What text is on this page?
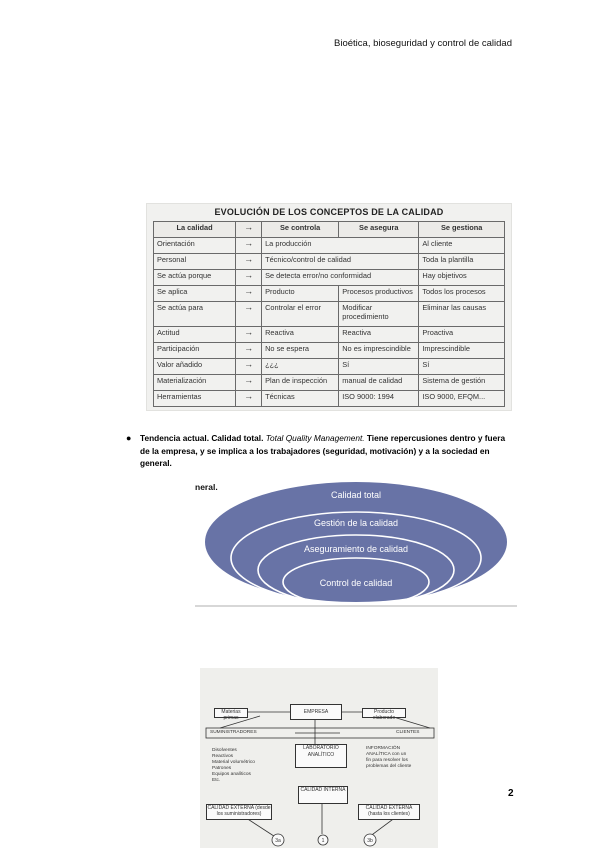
Bioética, bioseguridad y control de calidad
EVOLUCIÓN DE LOS CONCEPTOS DE LA CALIDAD
La calidad	→	Se controla	Se asegura	Se gestiona
Orientación	→	La producción		Al cliente
Personal	→	Técnico/control de calidad		Toda la plantilla
Se actúa porque	→	Se detecta error/no conformidad		Hay objetivos
Se aplica	→	Producto	Procesos productivos	Todos los procesos
Se actúa para	→	Controlar el error	Modificar procedimiento	Eliminar las causas
Actitud	→	Reactiva	Reactiva	Proactiva
Participación	→	No se espera	No es imprescindible	Imprescindible
Valor añadido	→	¿¿¿	Sí	Sí
Materialización	→	Plan de inspección	manual de calidad	Sistema de gestión
Herramientas	→	Técnicas	ISO 9000: 1994	ISO 9000, EFQM...
● Tendencia actual. Calidad total. Total Quality Management. Tiene repercusiones dentro y fuera de la empresa, y se implica a los trabajadores (seguridad, motivación) y a la sociedad en general.
neral.
Calidad total
Gestión de la calidad
Aseguramiento de calidad
Control de calidad
3a	1	3b
EMPRESA
Materias primas
Producto elaborado
SUMINISTRADORES	CLIENTES
LABORATORIO ANALÍTICO
Disolventes
Reactivos
Material volumétrico
Patrones
Equipos analíticos
Etc.
INFORMACIÓN ANALÍTICA con un fin para resolver los problemas del cliente
CALIDAD INTERNA
CALIDAD EXTERNA (desde los suministradores)
CALIDAD EXTERNA (hasta los clientes)
2
